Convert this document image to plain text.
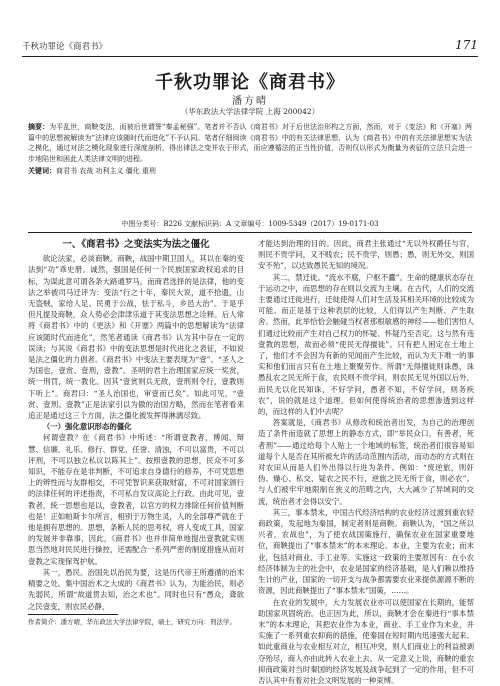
千秋功罪论《商君书》	171
千秋功罪论《商君书》
潘方晴
（华东政法大学法律学院 上海 200042）
摘要：为平乱世，商鞅变法，而被后世谓誉“秦孟秘强”。笔者并不否认《商君书》对于后世法治形构之方面，然而，对于《变法》和《开塞》两篇中的思想被解读为“法律应该随时代而进化”不予认同。笔者仔细阅读《商君书》中的有关法律思想，认为《商君书》中的有关法律思想实为法之模化，通过对法之模化现象进行深度剖析，得出律法之变并农于形式，而应遵循法的正当性价值，否则仅以形式为衡量为表征的立法只会进一步地陷世和困此人类法律文明的进程。
关键词：商君书 农战 功利主义 僵化 重刑
中图分类号：B226 文献标识码：A 文章编号：1009-5349（2017）19-0171-03
一、《商君书》之变法实为法之僵化

欲论法家，必谈商鞅。商鞅，战国中期卫国人，其以在秦的变法到“功”乖史册。诚然，强国是任何一个民族国家政权追求的目标，为谋此意可谓各条大路通罗马，而商君选择的是法律，他的变法之举被司马迁评为：变法“行之十年，秦民大说，道不拾遗，山无盗贼，家给人足。民勇于公战，怯于私斗，乡邑大治”。于是乎但凡提及商鞅，众人势必会津津乐道于其变法思想之诠释。后人常将《商君书》中的《更法》和《开塞》两篇中的思想解读为“法律应该随时代而进化”，然笔者通读《商君书》认为其中存在一定的误读；与其说《商君书》中的变法思想是时代进化之表征，不如说是法之僵化的力倡者。《商君书》中变法主要表现为“壹”。“圣人之为国也，壹赏、壹刑，壹教”。圣明的君主治理国家应统一奖赏，统一刑罚，统一教化。因其“壹赏则兵无敌，壹刑则令行，壹教则下听上”。商君曰：“圣人治国也，审壹而已矣”。如此可见，“壹赏、壹刑、壹教”正是法家引以为傲的治国方略，然而在笔者看来追正是通过这三个方面，法之僵化被发挥得淋漓尽致。

（一）强化意识形态的僵化

何谓壹教？在《商君书》中所述：“所谓壹教者，博闻、辩慧、信廉、礼乐、修行、群党、任誉、清浊，不可以富贵，不可以评刑，不可以独立私议以陈其上”。按照壹教的思想，民众不可多知识，不能存在是非判断，不可追求自身德行的修养，不可凭思想上的辨性而与友群相交，不可凭智识来获取财富，不可对国家颁行的法律任何的评述指责，不可私自发议高论上行政。由此可见，壹教者，统一思想也是以，壹教者，以官方的权力排除任何价值判断也是！正如帕斯卡尔所言，相别于万物生灵，人的全部尊严就在于他是拥有思想的。思想，条断人民的思考权，将人变成工具，国家的发展并非靠事，因此，《商君书》也并非简单地提出壹教就实则思当然地对民民进行操控，还需配合一系列严密的制度措施从而对壹教之实现保驾护航。

其一，愚民。治国先以治民为要，这是历代帝王所遵循的治术精要之处。集中国治术之大成的《商君书》认为，为能治民，则必先弱民，所谓“故道贯去知，治之术也”。同时也只有“愚众，聋欲之民壹变，则农民必静，

才能达到治理的目的。因此，商君主张通过“无以外权爵任与官，则民不贵学问，又不贱农；民不贵学，则愚；愚，则无外交，则国安不殆”，以达致愚民无知的境况。

其二，禁迁徙。“流水不腐，户枢不蠹”。生命的健康状态存在于运动之中，而思想的存在则以交流为主壤。在古代，人们的交流主要通过迁徙进行，迁徙使得人们对生活及其相关环境的比较成为可能。而正是基于这种表层的比较，人们得以产生判断、产生取舍。然而，此举恰恰会触碰当权者那根敏感的神经——他们害怕人们通过比较而产生对自己权力的怀疑、怀疑乃至否定。这与然有违壹教的思想，故而必须“使民无得擅徙”。只有把人困定在土地上了，他们才不会因为有新的见闻而产生比较，而认为天下唯一的事实和他们而言只有在土地上聚聚劳作。所谓“无得擅徙则诛愚，诛愚乱农之民无所于食，农民则不贵学问，则农民无见外国以后外，而民无以化民知诛，不好学问，愚者不知，不好学问，则务疾农”，说的就是这个道理。但如何使得统治者的思想渗透到这样的，而这样的人们中去呢？

答案就是，《商君书》从修改和统治者出发，为自己的治理创造了条件而造就了思想上的静态方式，即“举民众口，有善者，死者刑”——通过给每个人贴上一个地域的标签，统治者们很容易知道每个人是否在其所被允许的活动范围内活动，而动态的方式则在对农田从而是人们外出得以行进为条件。例如：“废逆旅，则奸伪、燥心、私交、疑农之民不行，逆旅之民无所于食，则必农”。与人们被牢牢地限制在狭义的范畴之内，大大减少了异域间的交流，统治者才会得以安宁。

其三，事本禁末，中国古代经济结构的农业经济过渡到重农轻商政策，发起地为秦国，制定者则是商鞅。商鞅认为，“国之所以兴者，农战也”，为了使农战国策施行，确保农业在国家重要地位，商鞅提出了“事本禁末”的本末理论。本业，主要为农业；而末业，包括对商业、手工业等。实施这一政策的主要原因有：在小农经济体制为主的社会中，农业是国家的经济基础，是人们赖以维持生计的产业，国家的一切开支与战争都需要农业来提供源源不断的资源，因此商鞅提出了“事本禁末”国策，……。

在农业的发展中，大力发展农业亦可以使国家在长期的，能帮助国家巩固统治。也正因为此，所以，商鞅才会在秦进行“事本禁末”的本末理论，其把农业作为本业，商业、手工业作为末业，并实施了一系列重农抑商的措施，使秦国在短时期内迅速强大起来。如此重商业与农业相互对立，相互冲突，则人们商业上的利益被剥夺殆尽，商人亦由此转入农业上去。从一定意义上说，商鞅的重农抑商政策对当时秦国的经济发展及战争起到了一定的作用，但不可否认其中有着对社会文明发展的一种束缚。

作者简介：潘方晴，华东政法大学法律学院，硕士，研究方向：刑法学。
